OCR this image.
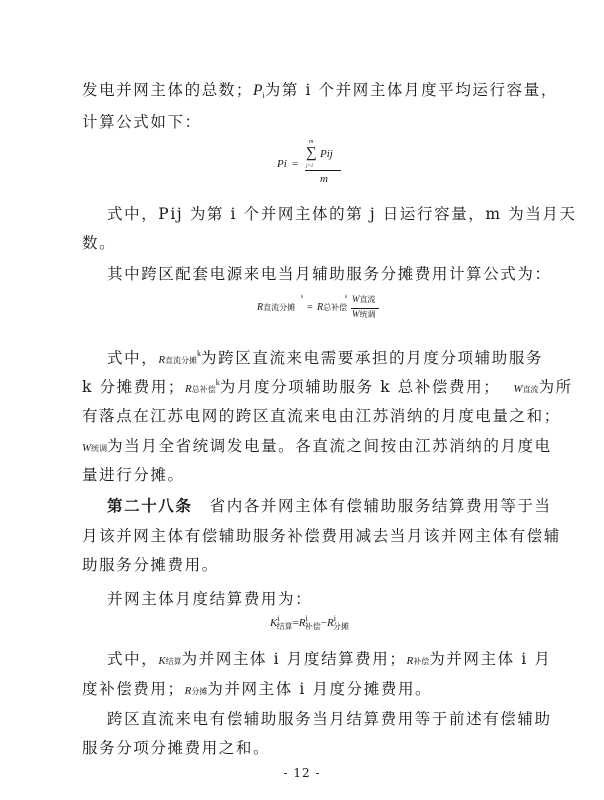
发电并网主体的总数；Pi为第 i 个并网主体月度平均运行容量，
计算公式如下：
Pi =
m
∑
j=1
Pij
m
式中，Pij 为第 i 个并网主体的第 j 日运行容量，m 为当月天
数。
其中跨区配套电源来电当月辅助服务分摊费用计算公式为：
R直流分摊
k
= R总补偿
k W直流
W统调
式中，R直流分摊$^k$为跨区直流来电需要承担的月度分项辅助服务
k 分摊费用；R总补偿$^k$为月度分项辅助服务 k 总补偿费用； W直流为所
有落点在江苏电网的跨区直流来电由江苏消纳的月度电量之和；
W统调为当月全省统调发电量。各直流之间按由江苏消纳的月度电
量进行分摊。
第二十八条　省内各并网主体有偿辅助服务结算费用等于当
月该并网主体有偿辅助服务补偿费用减去当月该并网主体有偿辅
助服务分摊费用。
并网主体月度结算费用为：
$K^i_{结算}=R^i_{补偿}-R^i_{分摊}$
式中，K结算为并网主体 i 月度结算费用；R补偿为并网主体 i 月
度补偿费用；R分摊为并网主体 i 月度分摊费用。
跨区直流来电有偿辅助服务当月结算费用等于前述有偿辅助
服务分项分摊费用之和。
- 12 -
